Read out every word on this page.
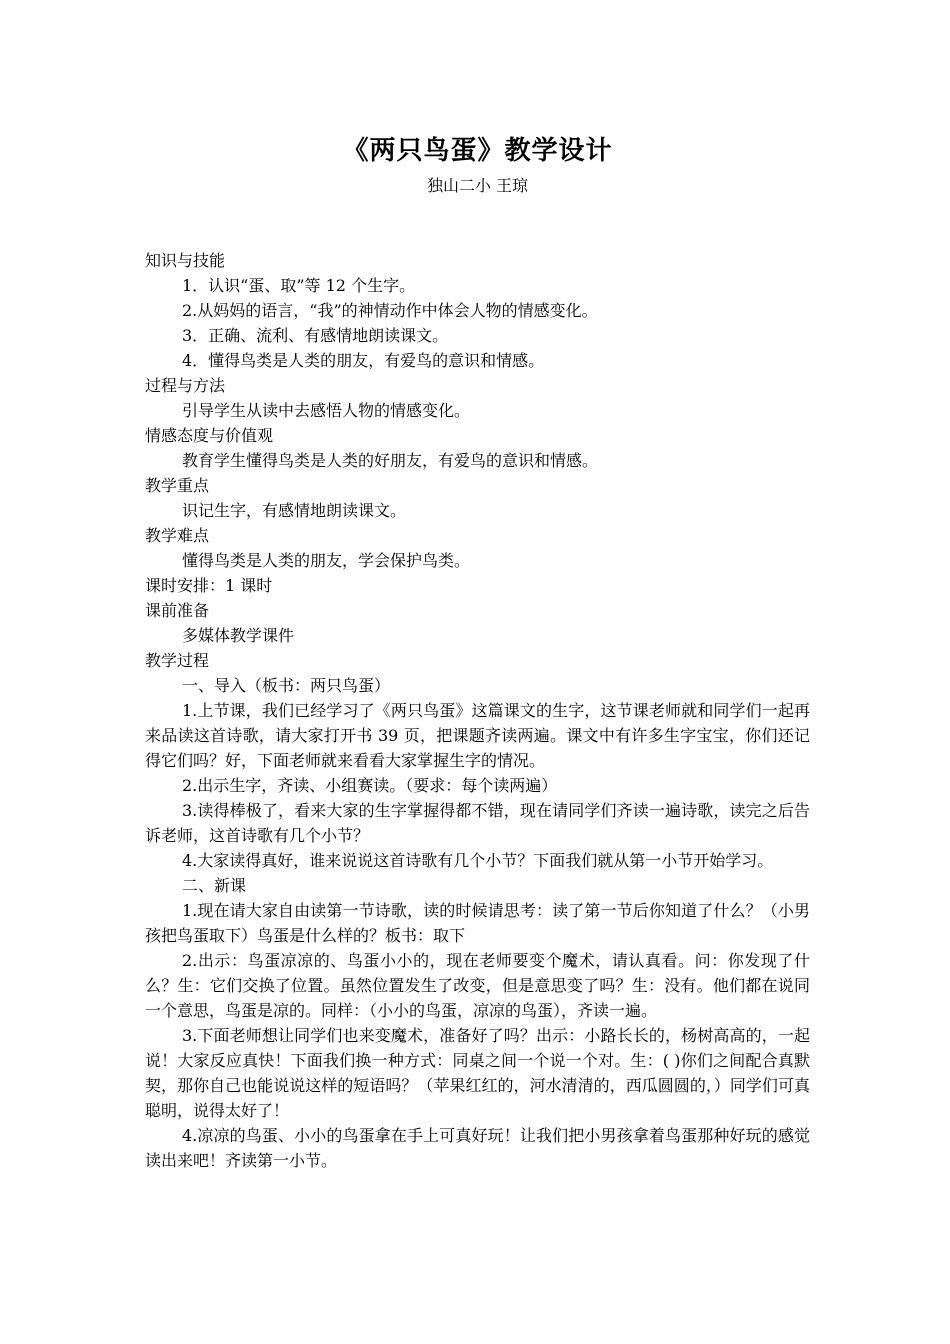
《两只鸟蛋》教学设计
独山二小 王琼

知识与技能

1．认识“蛋、取”等 12 个生字。

2.从妈妈的语言，“我”的神情动作中体会人物的情感变化。

3．正确、流利、有感情地朗读课文。

4．懂得鸟类是人类的朋友，有爱鸟的意识和情感。

过程与方法

引导学生从读中去感悟人物的情感变化。

情感态度与价值观

教育学生懂得鸟类是人类的好朋友，有爱鸟的意识和情感。

教学重点

识记生字，有感情地朗读课文。

教学难点

懂得鸟类是人类的朋友，学会保护鸟类。

课时安排：1 课时

课前准备

多媒体教学课件

教学过程

一、导入（板书：两只鸟蛋）

1.上节课，我们已经学习了《两只鸟蛋》这篇课文的生字，这节课老师就和同学们一起再来品读这首诗歌，请大家打开书 39 页，把课题齐读两遍。课文中有许多生字宝宝，你们还记得它们吗？好，下面老师就来看看大家掌握生字的情况。

2.出示生字，齐读、小组赛读。（要求：每个读两遍）

3.读得棒极了，看来大家的生字掌握得都不错，现在请同学们齐读一遍诗歌，读完之后告诉老师，这首诗歌有几个小节？

4.大家读得真好，谁来说说这首诗歌有几个小节？下面我们就从第一小节开始学习。

二、新课

1.现在请大家自由读第一节诗歌，读的时候请思考：读了第一节后你知道了什么？（小男孩把鸟蛋取下）鸟蛋是什么样的？板书：取下

2.出示：鸟蛋凉凉的、鸟蛋小小的，现在老师要变个魔术，请认真看。问：你发现了什么？生：它们交换了位置。虽然位置发生了改变，但是意思变了吗？生：没有。他们都在说同一个意思，鸟蛋是凉的。同样：（小小的鸟蛋，凉凉的鸟蛋），齐读一遍。

3.下面老师想让同学们也来变魔术，准备好了吗？出示：小路长长的，杨树高高的，一起说！大家反应真快！下面我们换一种方式：同桌之间一个说一个对。生：( )你们之间配合真默契，那你自己也能说说这样的短语吗？（苹果红红的，河水清清的，西瓜圆圆的，）同学们可真聪明，说得太好了！

4.凉凉的鸟蛋、小小的鸟蛋拿在手上可真好玩！让我们把小男孩拿着鸟蛋那种好玩的感觉读出来吧！齐读第一小节。
